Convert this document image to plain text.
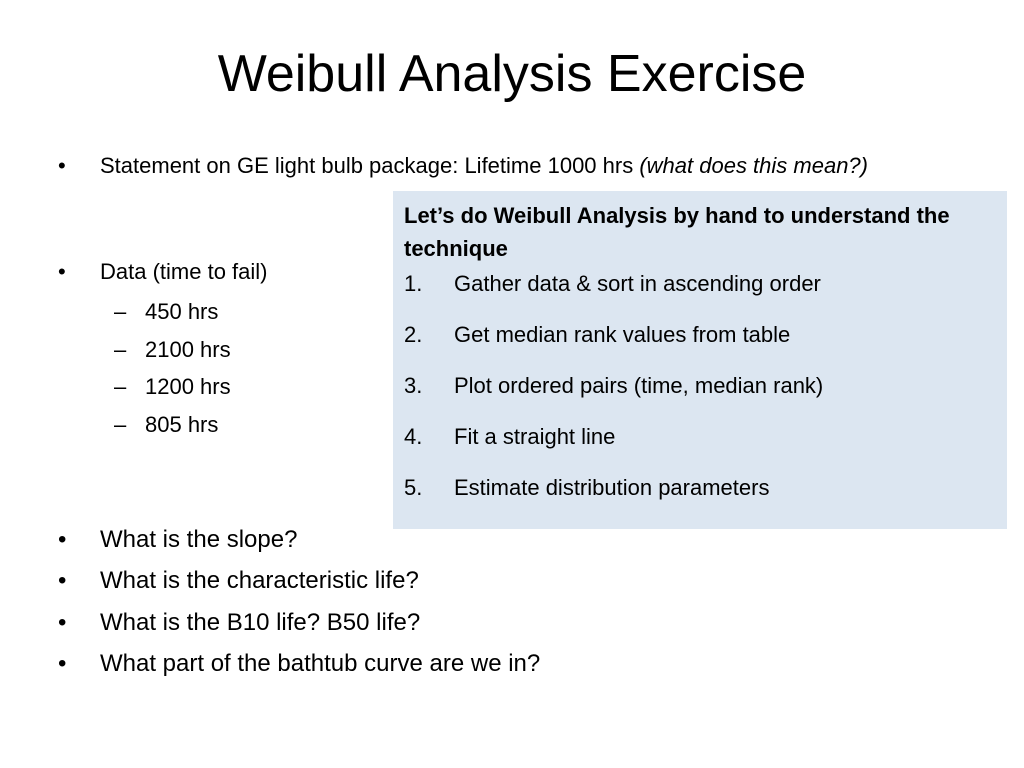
Weibull Analysis Exercise
•	Statement on GE light bulb package: Lifetime 1000 hrs (what does this mean?)
•	Data (time to fail)
– 450 hrs
– 2100 hrs
– 1200 hrs
– 805 hrs
Let’s do Weibull Analysis by hand to understand the technique
1. Gather data & sort in ascending order
2. Get median rank values from table
3. Plot ordered pairs (time, median rank)
4. Fit a straight line
5. Estimate distribution parameters
• What is the slope?
• What is the characteristic life?
• What is the B10 life? B50 life?
• What part of the bathtub curve are we in?
